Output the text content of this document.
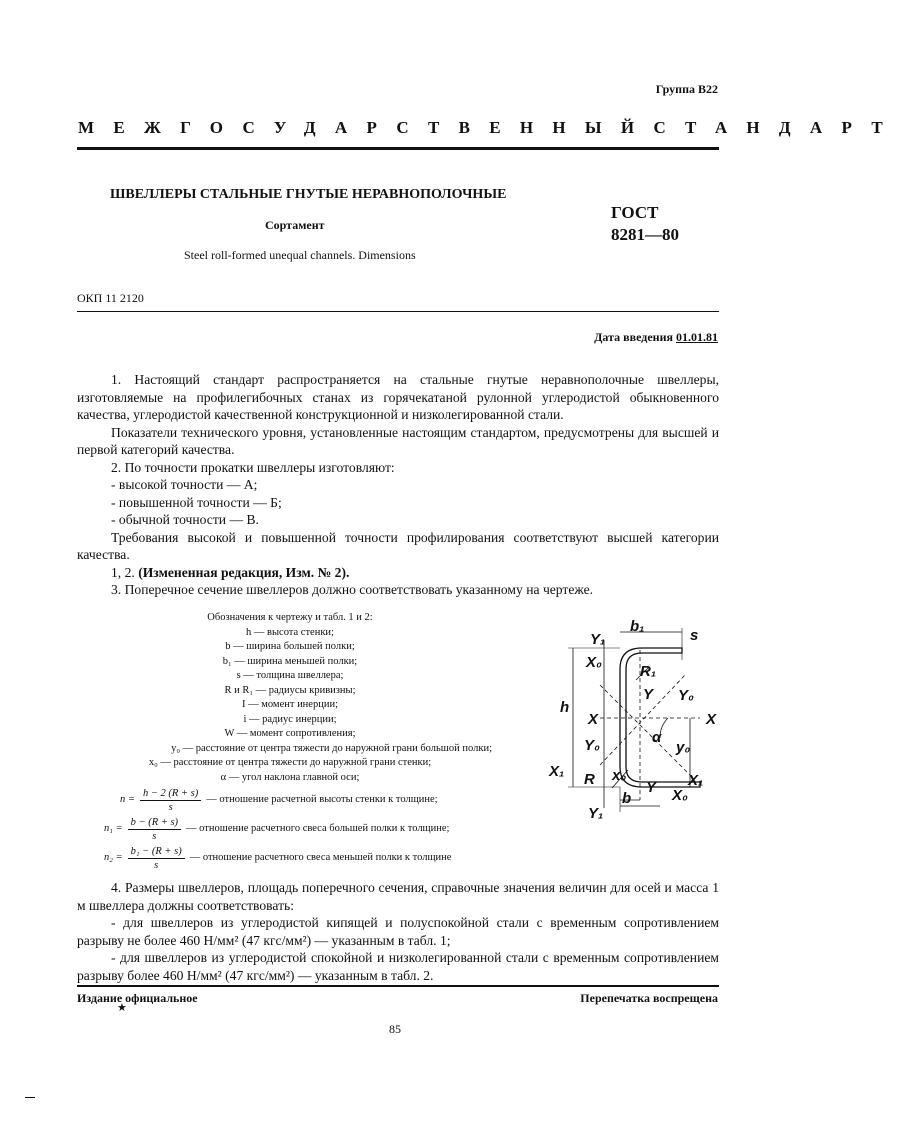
Группа В22
МЕЖГОСУДАРСТВЕННЫЙ СТАНДАРТ
ШВЕЛЛЕРЫ СТАЛЬНЫЕ ГНУТЫЕ НЕРАВНОПОЛОЧНЫЕ
Сортамент
Steel roll-formed unequal channels. Dimensions
ГОСТ
8281—80
ОКП 11 2120
Дата введения 01.01.81

1. Настоящий стандарт распространяется на стальные гнутые неравнополочные швеллеры, изготовляемые на профилегибочных станах из горячекатаной рулонной углеродистой обыкновенного качества, углеродистой качественной конструкционной и низколегированной стали.

Показатели технического уровня, установленные настоящим стандартом, предусмотрены для высшей и первой категорий качества.

2. По точности прокатки швеллеры изготовляют:

- высокой точности — А;

- повышенной точности — Б;

- обычной точности — В.

Требования высокой и повышенной точности профилирования соответствуют высшей категории качества.

1, 2. (Измененная редакция, Изм. № 2).

3. Поперечное сечение швеллеров должно соответствовать указанному на чертеже.

Обозначения к чертежу и табл. 1 и 2:
h — высота стенки;
b — ширина большей полки;
b₁ — ширина меньшей полки;
s — толщина швеллера;
R и R₁ — радиусы кривизны;
I — момент инерции;
i — радиус инерции;
W — момент сопротивления;
y₀ — расстояние от центра тяжести до наружной грани большой полки;
x₀ — расстояние от центра тяжести до наружной грани стенки;
α — угол наклона главной оси;
$n = \frac{h - 2 (R + s)}{s}$ — отношение расчетной высоты стенки к толщине;
$n_1 = \frac{b - (R + s)}{s}$ — отношение расчетного свеса большей полки к толщине;
$n_2 = \frac{\text{b₁ − (R + s)}}{s}$ — отношение расчетного свеса меньшей полки к толщине
b₁
s
Y₁
X₀
R₁
Y Y₀
h
X	X
α
y₀
Y₀
X₁ R x₀
Y X₁
X₀
b
Y₁

4. Размеры швеллеров, площадь поперечного сечения, справочные значения величин для осей и масса 1 м швеллера должны соответствовать:

- для швеллеров из углеродистой кипящей и полуспокойной стали с временным сопротивлением разрыву не более 460 Н/мм² (47 кгс/мм²) — указанным в табл. 1;

- для швеллеров из углеродистой спокойной и низколегированной стали с временным сопротивлением разрыву более 460 Н/мм² (47 кгс/мм²) — указанным в табл. 2.

Издание официальное
★
Перепечатка воспрещена
85
